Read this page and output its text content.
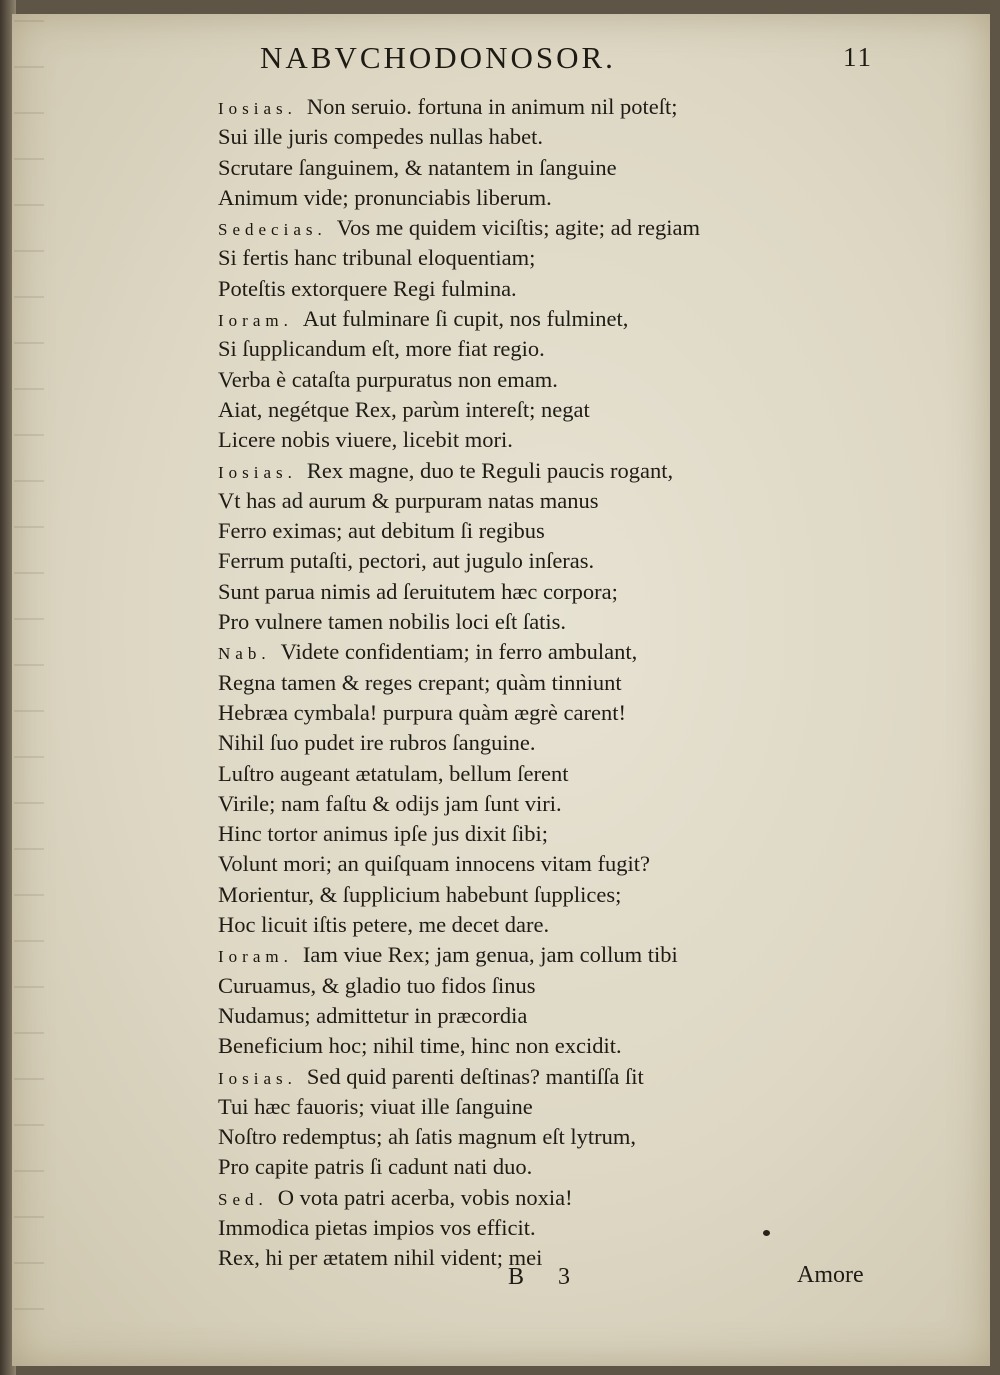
NABVCHODONOSOR.	11
Iosias. Non seruio. fortuna in animum nil poteſt;
Sui ille juris compedes nullas habet.
Scrutare ſanguinem, & natantem in ſanguine
Animum vide; pronunciabis liberum.
Sedecias. Vos me quidem viciſtis; agite; ad regiam
Si fertis hanc tribunal eloquentiam;
Poteſtis extorquere Regi fulmina.
Ioram. Aut fulminare ſi cupit, nos fulminet,
Si ſupplicandum eſt, more fiat regio.
Verba è cataſta purpuratus non emam.
Aiat, negétque Rex, parùm intereſt; negat
Licere nobis viuere, licebit mori.
Iosias. Rex magne, duo te Reguli paucis rogant,
Vt has ad aurum & purpuram natas manus
Ferro eximas; aut debitum ſi regibus
Ferrum putaſti, pectori, aut jugulo inſeras.
Sunt parua nimis ad ſeruitutem hæc corpora;
Pro vulnere tamen nobilis loci eſt ſatis.
Nab. Videte confidentiam; in ferro ambulant,
Regna tamen & reges crepant; quàm tinniunt
Hebræa cymbala! purpura quàm ægrè carent!
Nihil ſuo pudet ire rubros ſanguine.
Luſtro augeant ætatulam, bellum ſerent
Virile; nam faſtu & odijs jam ſunt viri.
Hinc tortor animus ipſe jus dixit ſibi;
Volunt mori; an quiſquam innocens vitam fugit?
Morientur, & ſupplicium habebunt ſupplices;
Hoc licuit iſtis petere, me decet dare.
Ioram. Iam viue Rex; jam genua, jam collum tibi
Curuamus, & gladio tuo fidos ſinus
Nudamus; admittetur in præcordia
Beneficium hoc; nihil time, hinc non excidit.
Iosias. Sed quid parenti deſtinas? mantiſſa ſit
Tui hæc fauoris; viuat ille ſanguine
Noſtro redemptus; ah ſatis magnum eſt lytrum,
Pro capite patris ſi cadunt nati duo.
Sed. O vota patri acerba, vobis noxia!
Immodica pietas impios vos efficit.
Rex, hi per ætatem nihil vident; mei
B 3	Amore
